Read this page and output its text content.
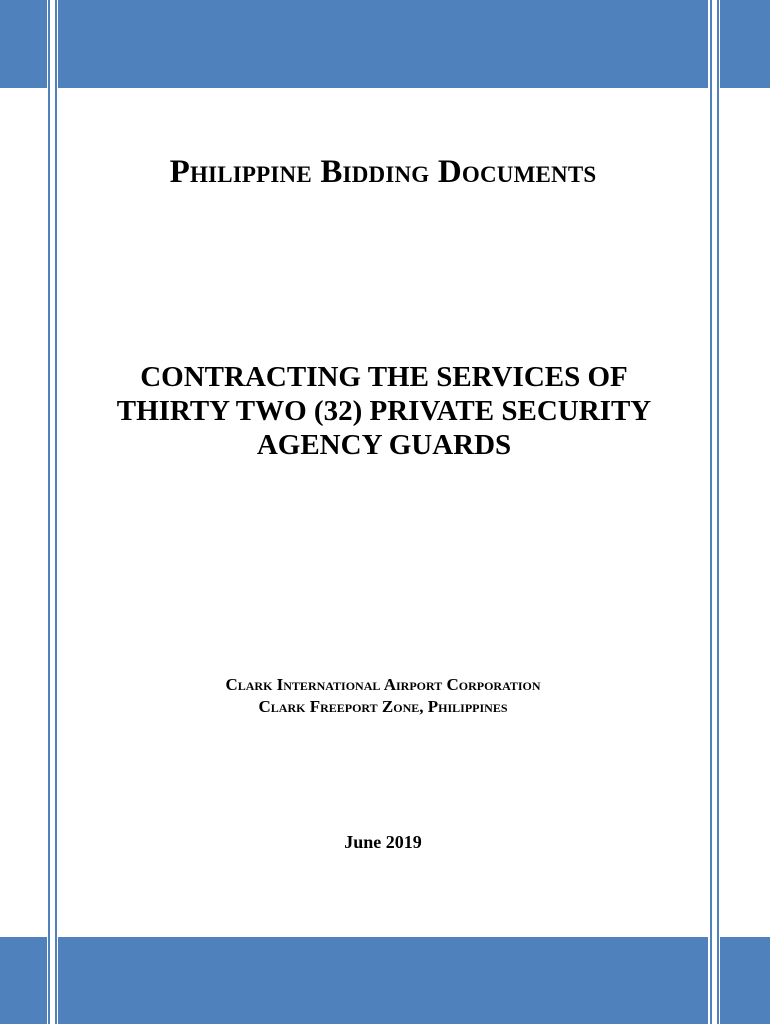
Philippine Bidding Documents
CONTRACTING THE SERVICES OF
THIRTY TWO (32) PRIVATE SECURITY
AGENCY GUARDS
Clark International Airport Corporation
Clark Freeport Zone, Philippines
June 2019
